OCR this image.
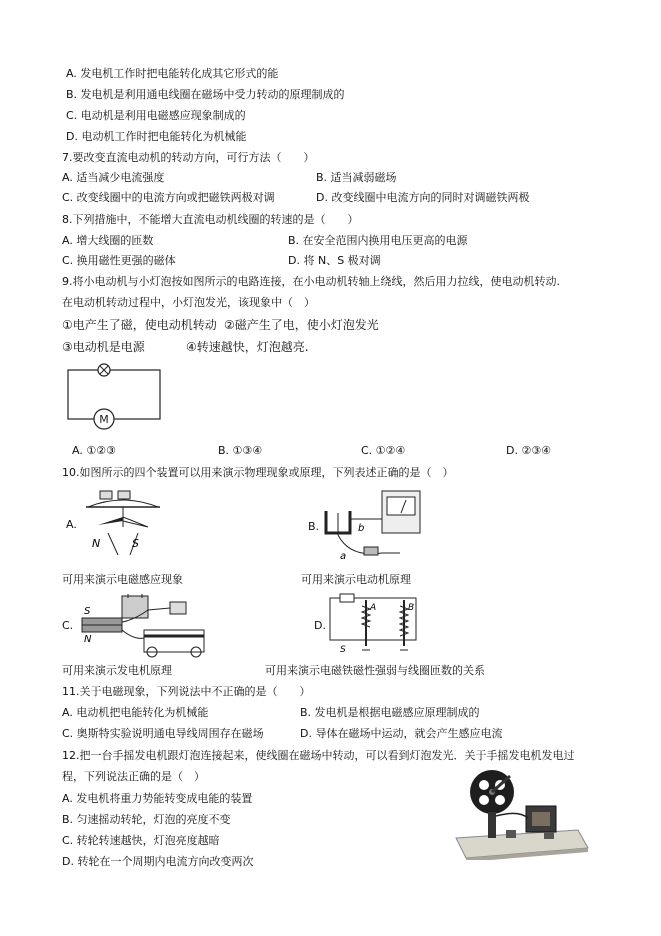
A. 发电机工作时把电能转化成其它形式的能
B. 发电机是利用通电线圈在磁场中受力转动的原理制成的
C. 电动机是利用电磁感应现象制成的
D. 电动机工作时把电能转化为机械能
7.要改变直流电动机的转动方向，可行方法（　　）
A. 适当减少电流强度	B. 适当减弱磁场
C. 改变线圈中的电流方向或把磁铁两极对调	D. 改变线圈中电流方向的同时对调磁铁两极
8.下列措施中，不能增大直流电动机线圈的转速的是（　　）
A. 增大线圈的匝数	B. 在安全范围内换用电压更高的电源
C. 换用磁性更强的磁体	D. 将 N、S 极对调
9.将小电动机与小灯泡按如图所示的电路连接，在小电动机转轴上绕线，然后用力拉线，使电动机转动.
在电动机转动过程中，小灯泡发光，该现象中（　）
①电产生了磁，使电动机转动 ②磁产生了电，使小灯泡发光
③电动机是电源	④转速越快，灯泡越亮.
M
A. ①②③	B. ①③④	C. ①②④	D. ②③④
10.如图所示的四个装置可以用来演示物理现象或原理，下列表述正确的是（　）
A.
N	S
B.
a
b
可用来演示电磁感应现象	可用来演示电动机原理
C.
S
N
D.
A	B
S
可用来演示发电机原理	可用来演示电磁铁磁性强弱与线圈匝数的关系
11.关于电磁现象，下列说法中不正确的是（　　）
A. 电动机把电能转化为机械能	B. 发电机是根据电磁感应原理制成的
C. 奥斯特实验说明通电导线周围存在磁场	D. 导体在磁场中运动，就会产生感应电流
12.把一台手摇发电机跟灯泡连接起来，使线圈在磁场中转动，可以看到灯泡发光．关于手摇发电机发电过
程，下列说法正确的是（　）
A. 发电机将重力势能转变成电能的装置
B. 匀速摇动转轮，灯泡的亮度不变
C. 转轮转速越快，灯泡亮度越暗
D. 转轮在一个周期内电流方向改变两次
